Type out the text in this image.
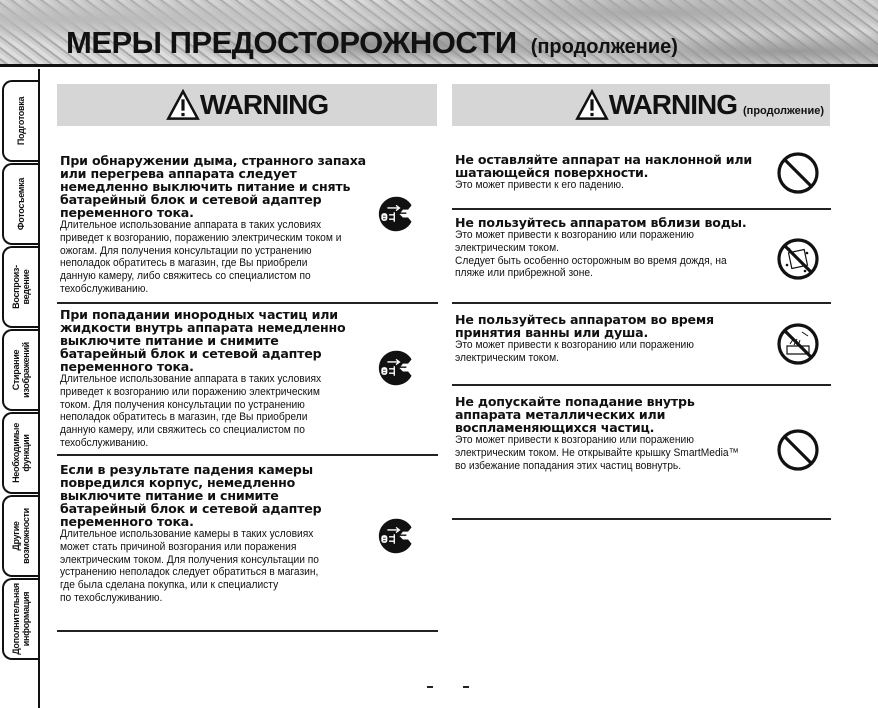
МЕРЫ ПРЕДОСТОРОЖНОСТИ (продолжение)
Подготовка
Фотосъемка
Воспроиз-
ведение
Стирание
изображений
Необходимые
функции
Другие
возможности
Дополнительная
информация
WARNING	WARNING (продолжение)
При обнаружении дыма, странного запаха
или перегрева аппарата следует
немедленно выключить питание и снять
батарейный блок и сетевой адаптер
переменного тока.

Длительное использование аппарата в таких условиях
приведет к возгоранию, поражению электрическим током и
ожогам. Для получения консультации по устранению
неполадок обратитесь в магазин, где Вы приобрели
данную камеру, либо свяжитесь со специалистом по
техобслуживанию.

При попадании инородных частиц или
жидкости внутрь аппарата немедленно
выключите питание и снимите
батарейный блок и сетевой адаптер
переменного тока.

Длительное использование аппарата в таких условиях
приведет к возгоранию или поражению электрическим
током. Для получения консультации по устранению
неполадок обратитесь в магазин, где Вы приобрели
данную камеру, или свяжитесь со специалистом по
техобслуживанию.

Если в результате падения камеры
повредился корпус, немедленно
выключите питание и снимите
батарейный блок и сетевой адаптер
переменного тока.

Длительное использование камеры в таких условиях
может стать причиной возгорания или поражения
электрическим током. Для получения консультации по
устранению неполадок следует обратиться в магазин,
где была сделана покупка, или к специалисту
по техобслуживанию.

Не оставляйте аппарат на наклонной или
шатающейся поверхности.

Это может привести к его падению.

Не пользуйтесь аппаратом вблизи воды.

Это может привести к возгоранию или поражению
электрическим током.
Следует быть особенно осторожным во время дождя, на
пляже или прибрежной зоне.

Не пользуйтесь аппаратом во время
принятия ванны или душа.

Это может привести к возгоранию или поражению
электрическим током.

Не допускайте попадание внутрь
аппарата металлических или
воспламеняющихся частиц.

Это может привести к возгоранию или поражению
электрическим током. Не открывайте крышку SmartMedia™
во избежание попадания этих частиц вовнутрь.
